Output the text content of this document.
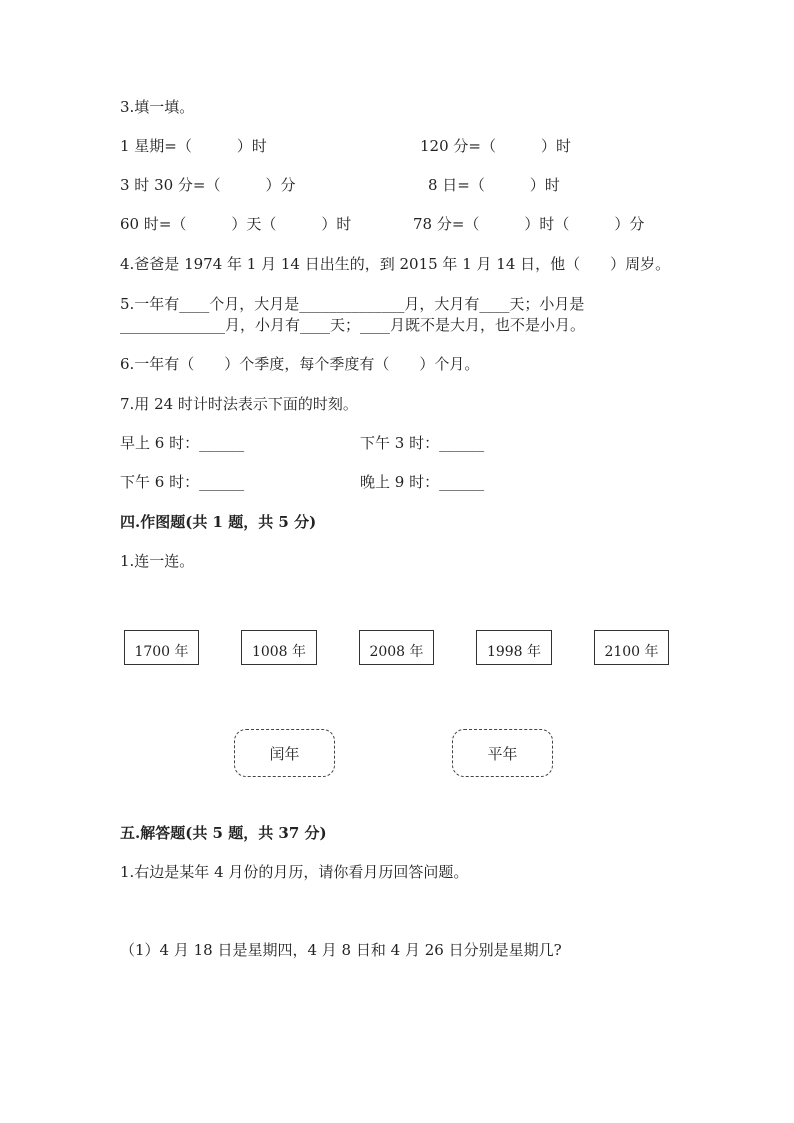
3.填一填。
1 星期=（　　　）时	120 分=（　　　）时
3 时 30 分=（　　　）分	8 日=（　　　）时
60 时=（　　　）天（　　　）时	78 分=（　　　）时（　　　）分
4.爸爸是 1974 年 1 月 14 日出生的，到 2015 年 1 月 14 日，他（　　）周岁。
5.一年有____个月，大月是______________月，大月有____天；小月是
______________月，小月有____天；____月既不是大月，也不是小月。
6.一年有（　　）个季度，每个季度有（　　）个月。
7.用 24 时计时法表示下面的时刻。
早上 6 时：______	下午 3 时：______
下午 6 时：______	晚上 9 时：______
四.作图题(共 1 题，共 5 分)
1.连一连。
1700 年	1008 年	2008 年	1998 年	2100 年
闰年	平年
五.解答题(共 5 题，共 37 分)
1.右边是某年 4 月份的月历，请你看月历回答问题。
（1）4 月 18 日是星期四，4 月 8 日和 4 月 26 日分别是星期几?
